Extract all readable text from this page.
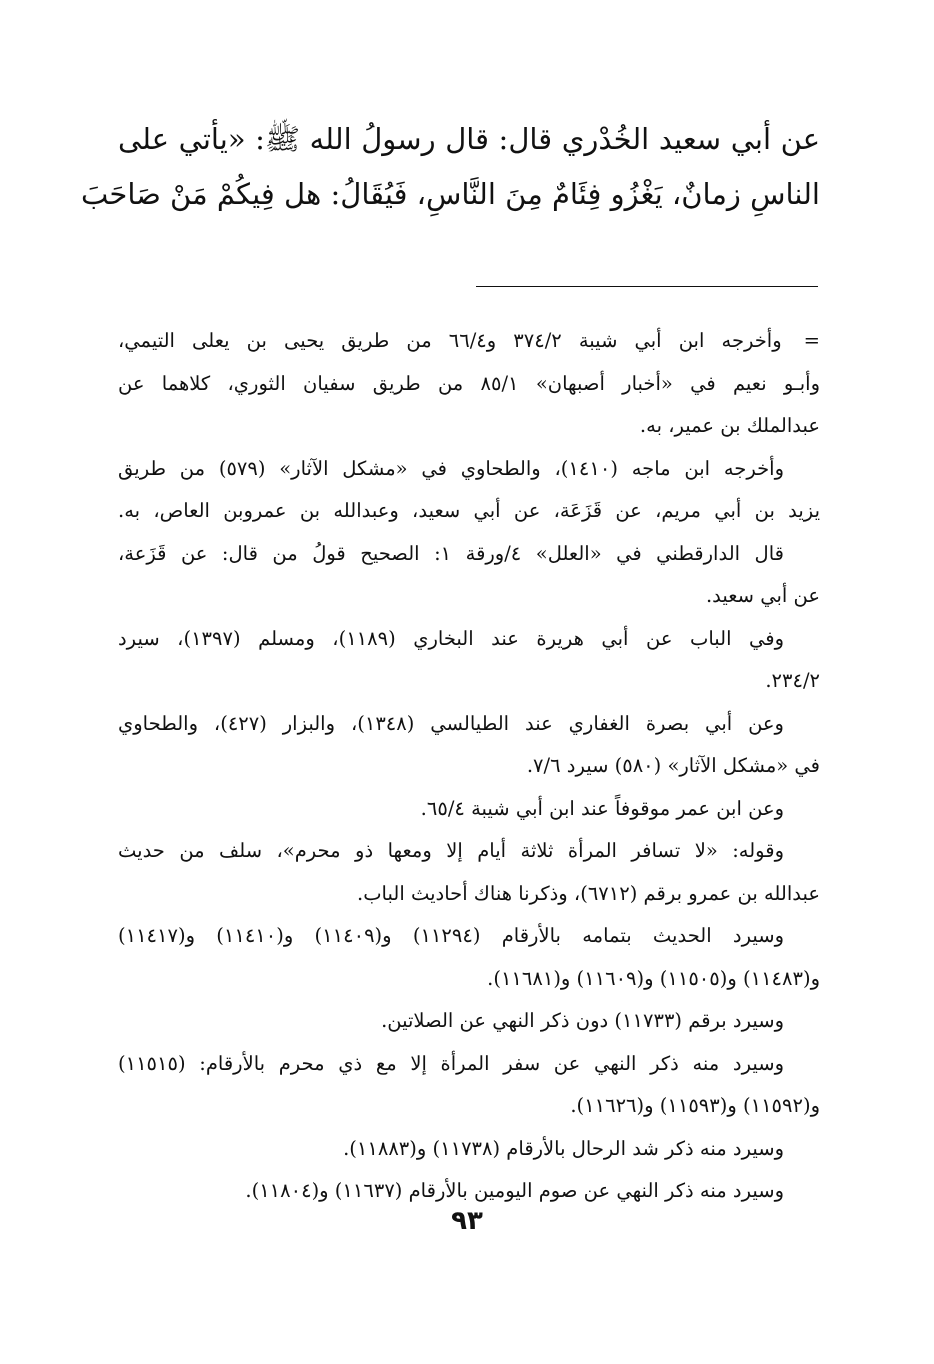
عن أبي سعيد الخُدْري قال: قال رسولُ الله ﷺ: «يأتي على
الناسِ زمانٌ، يَغْزُو فِئَامٌ مِنَ النَّاسِ، فَيُقَالُ: هل فِيكُمْ مَنْ صَاحَبَ
=وأخرجه ابن أبي شيبة ٣٧٤/٢ و٦٦/٤ من طريق يحيى بن يعلى التيمي،
وأبـو نعيم في «أخبار أصبهان» ٨٥/١ من طريق سفيان الثوري، كلاهما عن
عبدالملك بن عمير، به.
وأخرجه ابن ماجه (١٤١٠)، والطحاوي في «مشكل الآثار» (٥٧٩) من طريق
يزيد بن أبي مريم، عن قَزَعَة، عن أبي سعيد، وعبدالله بن عمروبن العاص، به.
قال الدارقطني في «العلل» ٤/ورقة ١: الصحيح قولُ من قال: عن قَزَعة،
عن أبي سعيد.
وفي الباب عن أبي هريرة عند البخاري (١١٨٩)، ومسلم (١٣٩٧)، سيرد
٢٣٤/٢.
وعن أبي بصرة الغفاري عند الطيالسي (١٣٤٨)، والبزار (٤٢٧)، والطحاوي
في «مشكل الآثار» (٥٨٠) سيرد ٧/٦.
وعن ابن عمر موقوفاً عند ابن أبي شيبة ٦٥/٤.
وقوله: «لا تسافر المرأة ثلاثة أيام إلا ومعها ذو محرم»، سلف من حديث
عبدالله بن عمرو برقم (٦٧١٢)، وذكرنا هناك أحاديث الباب.
وسيرد الحديث بتمامه بالأرقام (١١٢٩٤) و(١١٤٠٩) و(١١٤١٠) و(١١٤١٧)
و(١١٤٨٣) و(١١٥٠٥) و(١١٦٠٩) و(١١٦٨١).
وسيرد برقم (١١٧٣٣) دون ذكر النهي عن الصلاتين.
وسيرد منه ذكر النهي عن سفر المرأة إلا مع ذي محرم بالأرقام: (١١٥١٥)
و(١١٥٩٢) و(١١٥٩٣) و(١١٦٢٦).
وسيرد منه ذكر شد الرحال بالأرقام (١١٧٣٨) و(١١٨٨٣).
وسيرد منه ذكر النهي عن صوم اليومين بالأرقام (١١٦٣٧) و(١١٨٠٤).
٩٣
